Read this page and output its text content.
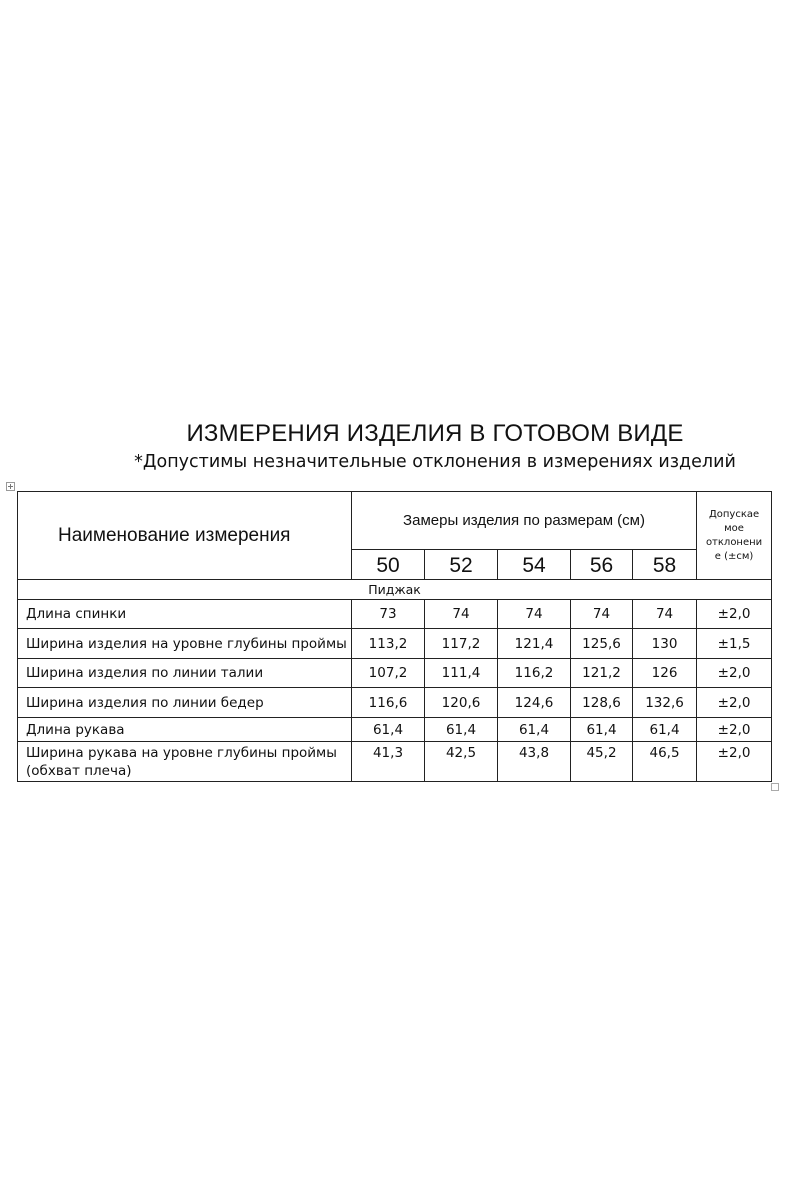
ИЗМЕРЕНИЯ ИЗДЕЛИЯ В ГОТОВОМ ВИДЕ
*Допустимы незначительные отклонения в измерениях изделий
Наименование измерения	Замеры изделия по размерам (см)					Допускае
мое
отклонени
е (±см)

	50	52	54	56	58	
Пиджак						
Длина спинки	73	74	74	74	74	±2,0
Ширина изделия на уровне глубины проймы	113,2	117,2	121,4	125,6	130	±1,5
Ширина изделия по линии талии	107,2	111,4	116,2	121,2	126	±2,0
Ширина изделия по линии бедер	116,6	120,6	124,6	128,6	132,6	±2,0
Длина рукава	61,4	61,4	61,4	61,4	61,4	±2,0
Ширина рукава на уровне глубины проймы (обхват плеча)	41,3	42,5	43,8	45,2	46,5	±2,0
